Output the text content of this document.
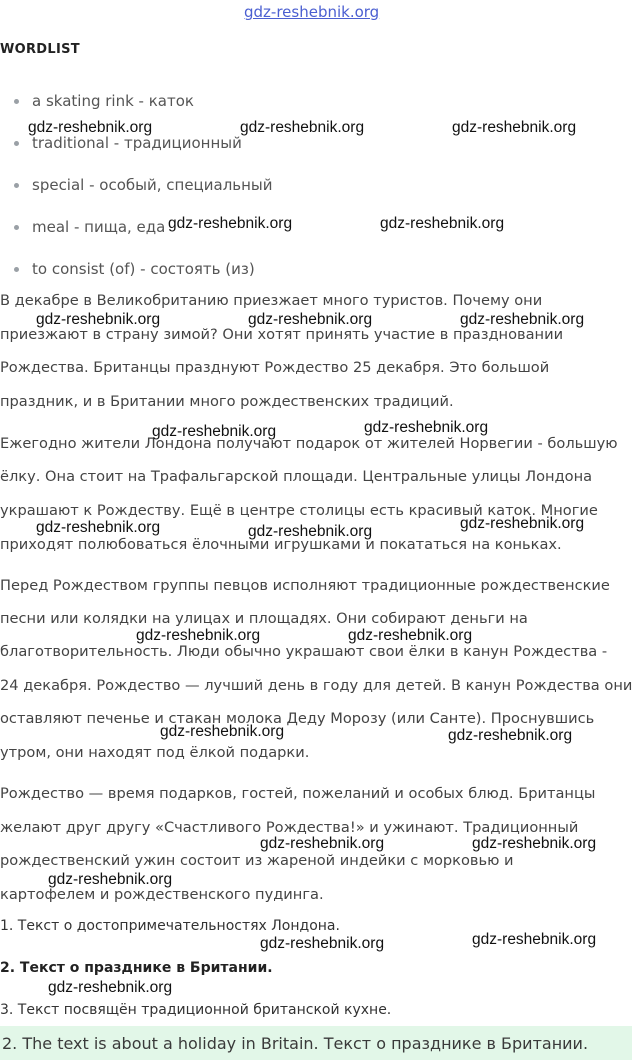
gdz-reshebnik.org
WORDLIST
a skating rink - каток
traditional - традиционный
special - особый, специальный
meal - пища, еда
to consist (of) - состоять (из)
В декабре в Великобританию приезжает много туристов. Почему они
приезжают в страну зимой? Они хотят принять участие в праздновании
Рождества. Британцы празднуют Рождество 25 декабря. Это большой
праздник, и в Британии много рождественских традиций.
Ежегодно жители Лондона получают подарок от жителей Норвегии - большую
ёлку. Она стоит на Трафальгарской площади. Центральные улицы Лондона
украшают к Рождеству. Ещё в центре столицы есть красивый каток. Многие
приходят полюбоваться ёлочными игрушками и покататься на коньках.
Перед Рождеством группы певцов исполняют традиционные рождественские
песни или колядки на улицах и площадях. Они собирают деньги на
благотворительность. Люди обычно украшают свои ёлки в канун Рождества -
24 декабря. Рождество — лучший день в году для детей. В канун Рождества они
оставляют печенье и стакан молока Деду Морозу (или Санте). Проснувшись
утром, они находят под ёлкой подарки.
Рождество — время подарков, гостей, пожеланий и особых блюд. Британцы
желают друг другу «Счастливого Рождества!» и ужинают. Традиционный
рождественский ужин состоит из жареной индейки с морковью и
картофелем и рождественского пудинга.
1. Текст о достопримечательностях Лондона.
2. Текст о празднике в Британии.
3. Текст посвящён традиционной британской кухне.
2. The text is about a holiday in Britain. Текст о празднике в Британии.
gdz-reshebnik.org	gdz-reshebnik.org	gdz-reshebnik.org
gdz-reshebnik.org	gdz-reshebnik.org
gdz-reshebnik.org	gdz-reshebnik.org	gdz-reshebnik.org
gdz-reshebnik.org	gdz-reshebnik.org
gdz-reshebnik.org	gdz-reshebnik.org	gdz-reshebnik.org
gdz-reshebnik.org	gdz-reshebnik.org
gdz-reshebnik.org	gdz-reshebnik.org
gdz-reshebnik.org	gdz-reshebnik.org
gdz-reshebnik.org
gdz-reshebnik.org	gdz-reshebnik.org
gdz-reshebnik.org
